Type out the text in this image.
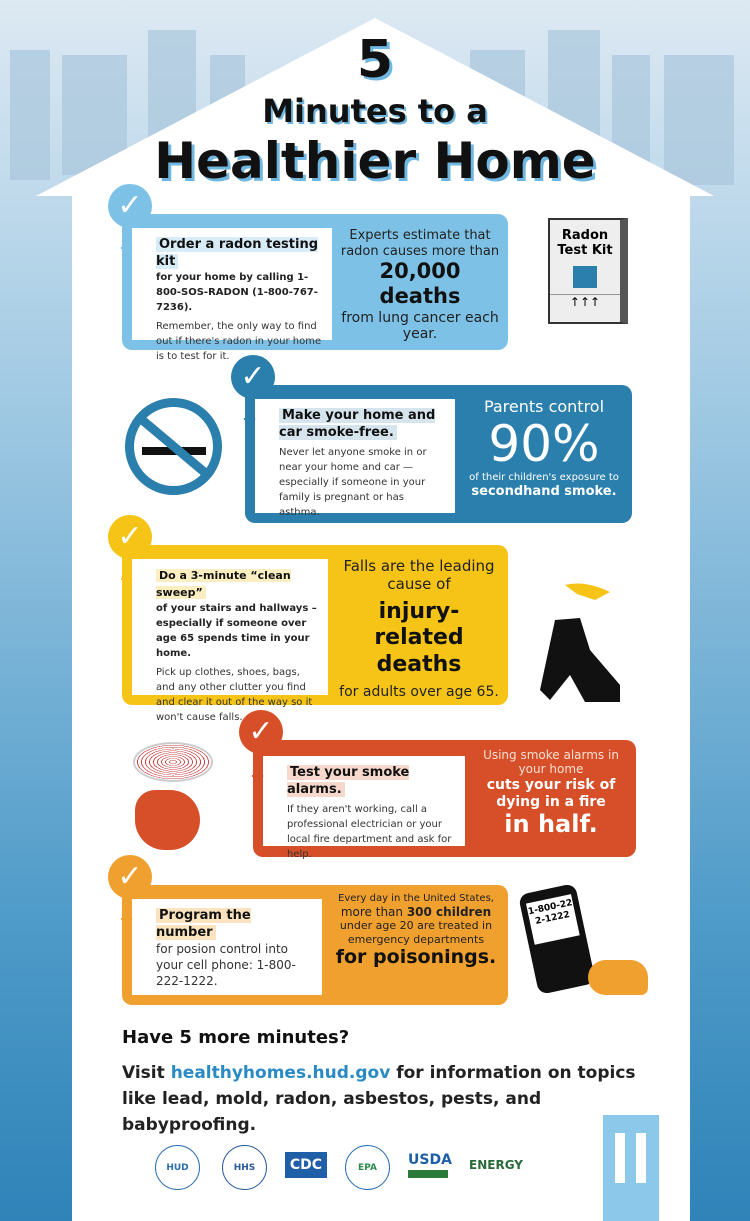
5
Minutes to a
Healthier Home
✓
➔ Order a radon testing kit
for your home by calling 1-800-SOS-RADON (1-800-767-7236).

Remember, the only way to find out if there's radon in your home is to test for it.

Experts estimate that radon causes more than
20,000 deaths
from lung cancer each year.
Radon Test Kit
↑↑↑
✓
➔ Make your home and car smoke-free.

Never let anyone smoke in or near your home and car — especially if someone in your family is pregnant or has asthma.

Parents control
90%
of their children's exposure to
secondhand smoke.
✓
➔ Do a 3-minute “clean sweep”
of your stairs and hallways – especially if someone over age 65 spends time in your home.

Pick up clothes, shoes, bags, and any other clutter you find and clear it out of the way so it won't cause falls.

Falls are the leading cause of
injury-related deaths
for adults over age 65.
✓
➔ Test your smoke alarms.

If they aren't working, call a professional electrician or your local fire department and ask for help.

Using smoke alarms in your home
cuts your risk of dying in a fire
in half.
✓
➔ Program the number
for posion control into your cell phone: 1-800-222-1222.
Every day in the United States,
more than 300 children
under age 20 are treated in emergency departments
for poisonings.
1-800-222-1222
Have 5 more minutes?
Visit healthyhomes.hud.gov for information on topics like lead, mold, radon, asbestos, pests, and babyproofing.
HUD	HHS	CDC	EPA	USDA	ENERGY
